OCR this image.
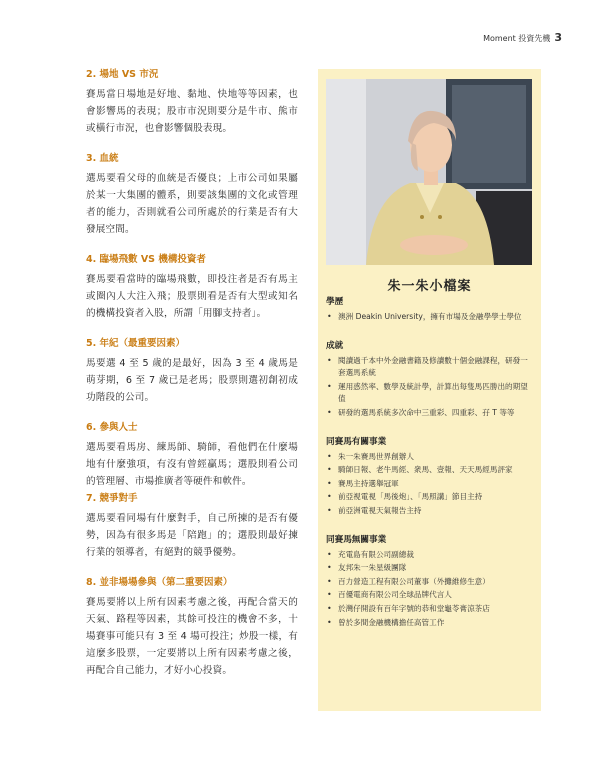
Moment 投資先機 3
2. 場地 VS 市況
賽馬當日場地是好地、黏地、快地等等因素，也會影響馬的表現；股市市況則要分是牛市、熊市或橫行市況，也會影響個股表現。
3. 血統
選馬要看父母的血統是否優良；上市公司如果屬於某一大集團的體系，則要該集團的文化或管理者的能力，否則就看公司所處於的行業是否有大發展空間。
4. 臨場飛數 VS 機構投資者
賽馬要看當時的臨場飛數，即投注者是否有馬主或圈內人大注入飛；股票則看是否有大型或知名的機構投資者入股，所謂「用腳支持者」。
5. 年紀（最重要因素）
馬要選 4 至 5 歲的是最好，因為 3 至 4 歲馬是萌芽期，6 至 7 歲已是老馬；股票則選初創初成功階段的公司。
6. 參與人士
選馬要看馬房、練馬師、騎師，看他們在什麼場地有什麼強項，有沒有曾經贏馬；選股則看公司的管理層、市場推廣者等硬件和軟件。
7. 競爭對手
選馬要看同場有什麼對手，自己所揀的是否有優勢，因為有很多馬是「陪跑」的；選股則最好揀行業的領導者，有絕對的競爭優勢。
8. 並非場場參與（第二重要因素）
賽馬要將以上所有因素考慮之後，再配合當天的天氣、路程等因素，其餘可投注的機會不多，十場賽事可能只有 3 至 4 場可投注；炒股一樣，有這麼多股票，一定要將以上所有因素考慮之後，再配合自己能力，才好小心投資。
朱一朱小檔案
學歷
• 澳洲 Deakin University，擁有市場及金融學學士學位
成就
• 閱讀過千本中外金融書籍及修讀數十個金融課程，研發一套選馬系統
• 運用惑然率、數學及統計學，計算出每隻馬匹勝出的期望值
• 研發的選馬系統多次命中三重彩、四重彩、孖 T 等等
同賽馬有關事業
• 朱一朱賽馬世界創辦人
• 騎師日報、老牛馬經、衆馬、壹報、天天馬經馬評家
• 賽馬主持選舉冠軍
• 前亞視電視「馬後炮」、「馬照講」節目主持
• 前亞洲電視天氣報告主持
同賽馬無關事業
• 充電島有限公司副總裁
• 友邦朱一朱星級團隊
• 百力營造工程有限公司董事（外攤維修生意）
• 百優電商有限公司全球品牌代言人
• 於灣仔開設有百年字號的恭和堂龜苓膏涼茶店
• 曾於多間金融機構擔任高管工作
